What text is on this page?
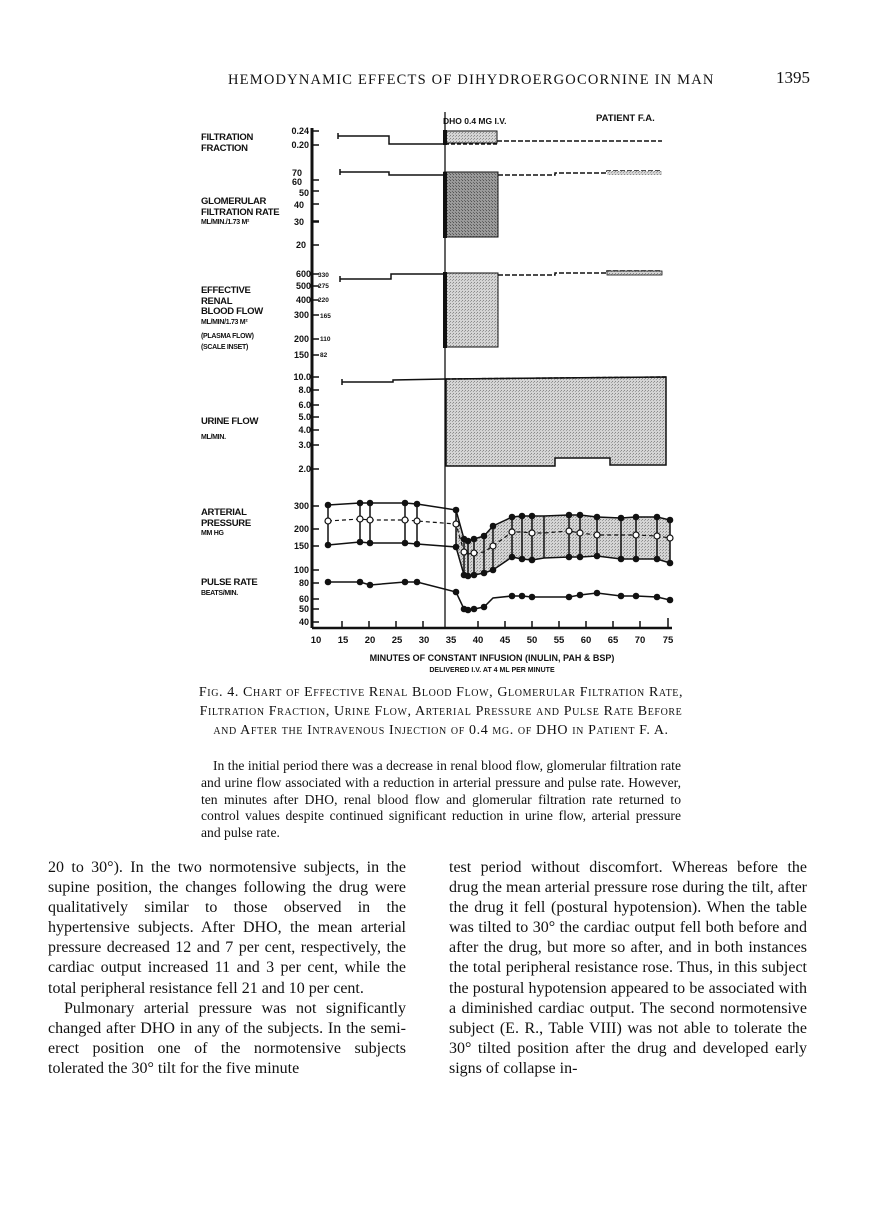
HEMODYNAMIC EFFECTS OF DIHYDROERGOCORNINE IN MAN	1395
FILTRATION
FRACTION
GLOMERULAR
FILTRATION RATE
ML/MIN./1.73 M²
EFFECTIVE
RENAL
BLOOD FLOW
ML/MIN/1.73 M²
(PLASMA FLOW)
(SCALE INSET)
URINE FLOW
ML/MIN.
ARTERIAL
PRESSURE
MM HG
PULSE RATE
BEATS/MIN.
0.24
0.20
70
60
50
40
30
20
600
500
400
300
200
150
10.0
8.0
6.0
5.0
4.0
3.0
2.0
300
200
150
100
80
60
50
40
330
275
220
165
110
82
DHO 0.4 MG I.V.	PATIENT F.A.
10 15 20 25 30 35 40 45 50 55 60 65 70 75
MINUTES OF CONSTANT INFUSION (INULIN, PAH & BSP)
DELIVERED I.V. AT 4 ML PER MINUTE
Fig. 4. Chart of Effective Renal Blood Flow, Glomerular Filtration Rate, Filtration Fraction, Urine Flow, Arterial Pressure and Pulse Rate Before and After the Intravenous Injection of 0.4 mg. of DHO in Patient F. A.

In the initial period there was a decrease in renal blood flow, glomerular filtration rate and urine flow associated with a reduction in arterial pressure and pulse rate. However, ten minutes after DHO, renal blood flow and glomerular filtration rate returned to control values despite continued significant reduction in urine flow, arterial pressure and pulse rate.

20 to 30°). In the two normotensive subjects, in the supine position, the changes following the drug were qualitatively similar to those observed in the hypertensive subjects. After DHO, the mean arterial pressure decreased 12 and 7 per cent, respectively, the cardiac output increased 11 and 3 per cent, while the total peripheral resistance fell 21 and 10 per cent.

Pulmonary arterial pressure was not significantly changed after DHO in any of the subjects. In the semi-erect position one of the normotensive subjects tolerated the 30° tilt for the five minute

test period without discomfort. Whereas before the drug the mean arterial pressure rose during the tilt, after the drug it fell (postural hypotension). When the table was tilted to 30° the cardiac output fell both before and after the drug, but more so after, and in both instances the total peripheral resistance rose. Thus, in this subject the postural hypotension appeared to be associated with a diminished cardiac output. The second normotensive subject (E. R., Table VIII) was not able to tolerate the 30° tilted position after the drug and developed early signs of collapse in-
